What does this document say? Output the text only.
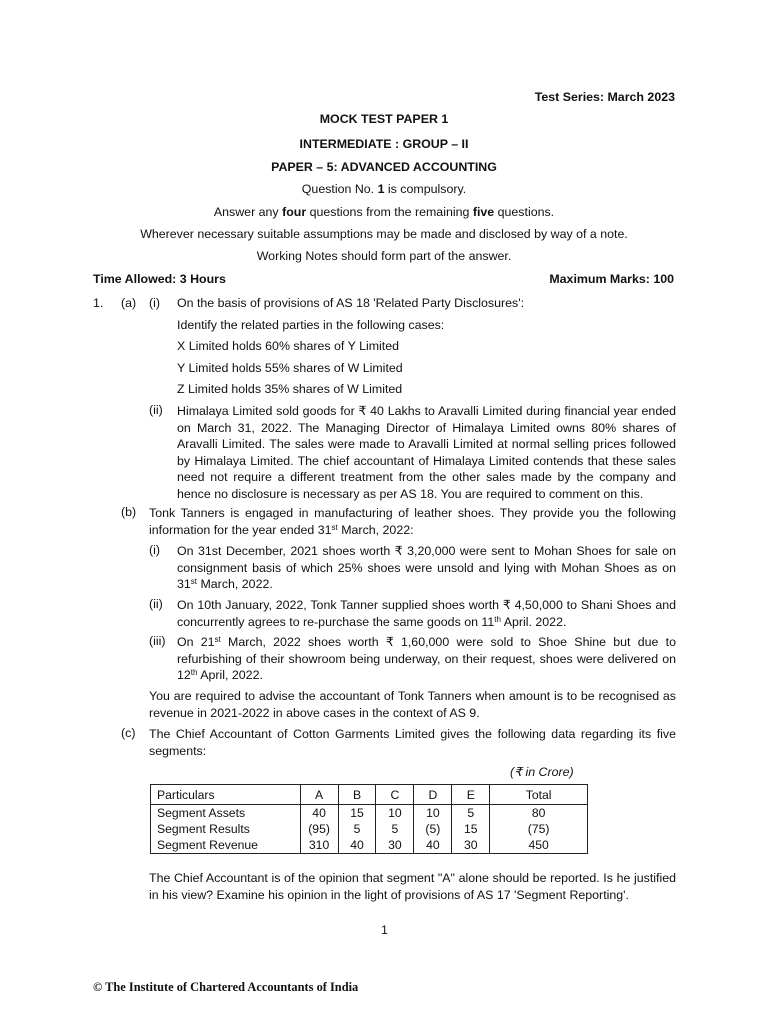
Test Series: March 2023
MOCK TEST PAPER 1
INTERMEDIATE : GROUP – II
PAPER – 5: ADVANCED ACCOUNTING
Question No. 1 is compulsory.
Answer any four questions from the remaining five questions.
Wherever necessary suitable assumptions may be made and disclosed by way of a note.
Working Notes should form part of the answer.
Time Allowed: 3 Hours	Maximum Marks: 100
1. (a) (i) On the basis of provisions of AS 18 'Related Party Disclosures':
Identify the related parties in the following cases:
X Limited holds 60% shares of Y Limited
Y Limited holds 55% shares of W Limited
Z Limited holds 35% shares of W Limited
(ii) Himalaya Limited sold goods for ₹ 40 Lakhs to Aravalli Limited during financial year ended on March 31, 2022. The Managing Director of Himalaya Limited owns 80% shares of Aravalli Limited. The sales were made to Aravalli Limited at normal selling prices followed by Himalaya Limited. The chief accountant of Himalaya Limited contends that these sales need not require a different treatment from the other sales made by the company and hence no disclosure is necessary as per AS 18. You are required to comment on this.

(b) Tonk Tanners is engaged in manufacturing of leather shoes. They provide you the following information for the year ended 31st March, 2022:

(i) On 31st December, 2021 shoes worth ₹ 3,20,000 were sent to Mohan Shoes for sale on consignment basis of which 25% shoes were unsold and lying with Mohan Shoes as on 31st March, 2022.

(ii) On 10th January, 2022, Tonk Tanner supplied shoes worth ₹ 4,50,000 to Shani Shoes and concurrently agrees to re-purchase the same goods on 11th April. 2022.

(iii) On 21st March, 2022 shoes worth ₹ 1,60,000 were sold to Shoe Shine but due to refurbishing of their showroom being underway, on their request, shoes were delivered on 12th April, 2022.

You are required to advise the accountant of Tonk Tanners when amount is to be recognised as revenue in 2021-2022 in above cases in the context of AS 9.

(c) The Chief Accountant of Cotton Garments Limited gives the following data regarding its five segments:

(₹ in Crore)
Particulars	A	B	C	D	E	Total
Segment Assets	40	15	10	10	5	80
Segment Results	(95)	5	5	(5)	15	(75)
Segment Revenue	310	40	30	40	30	450

The Chief Accountant is of the opinion that segment "A" alone should be reported. Is he justified in his view? Examine his opinion in the light of provisions of AS 17 'Segment Reporting'.

1
© The Institute of Chartered Accountants of India
